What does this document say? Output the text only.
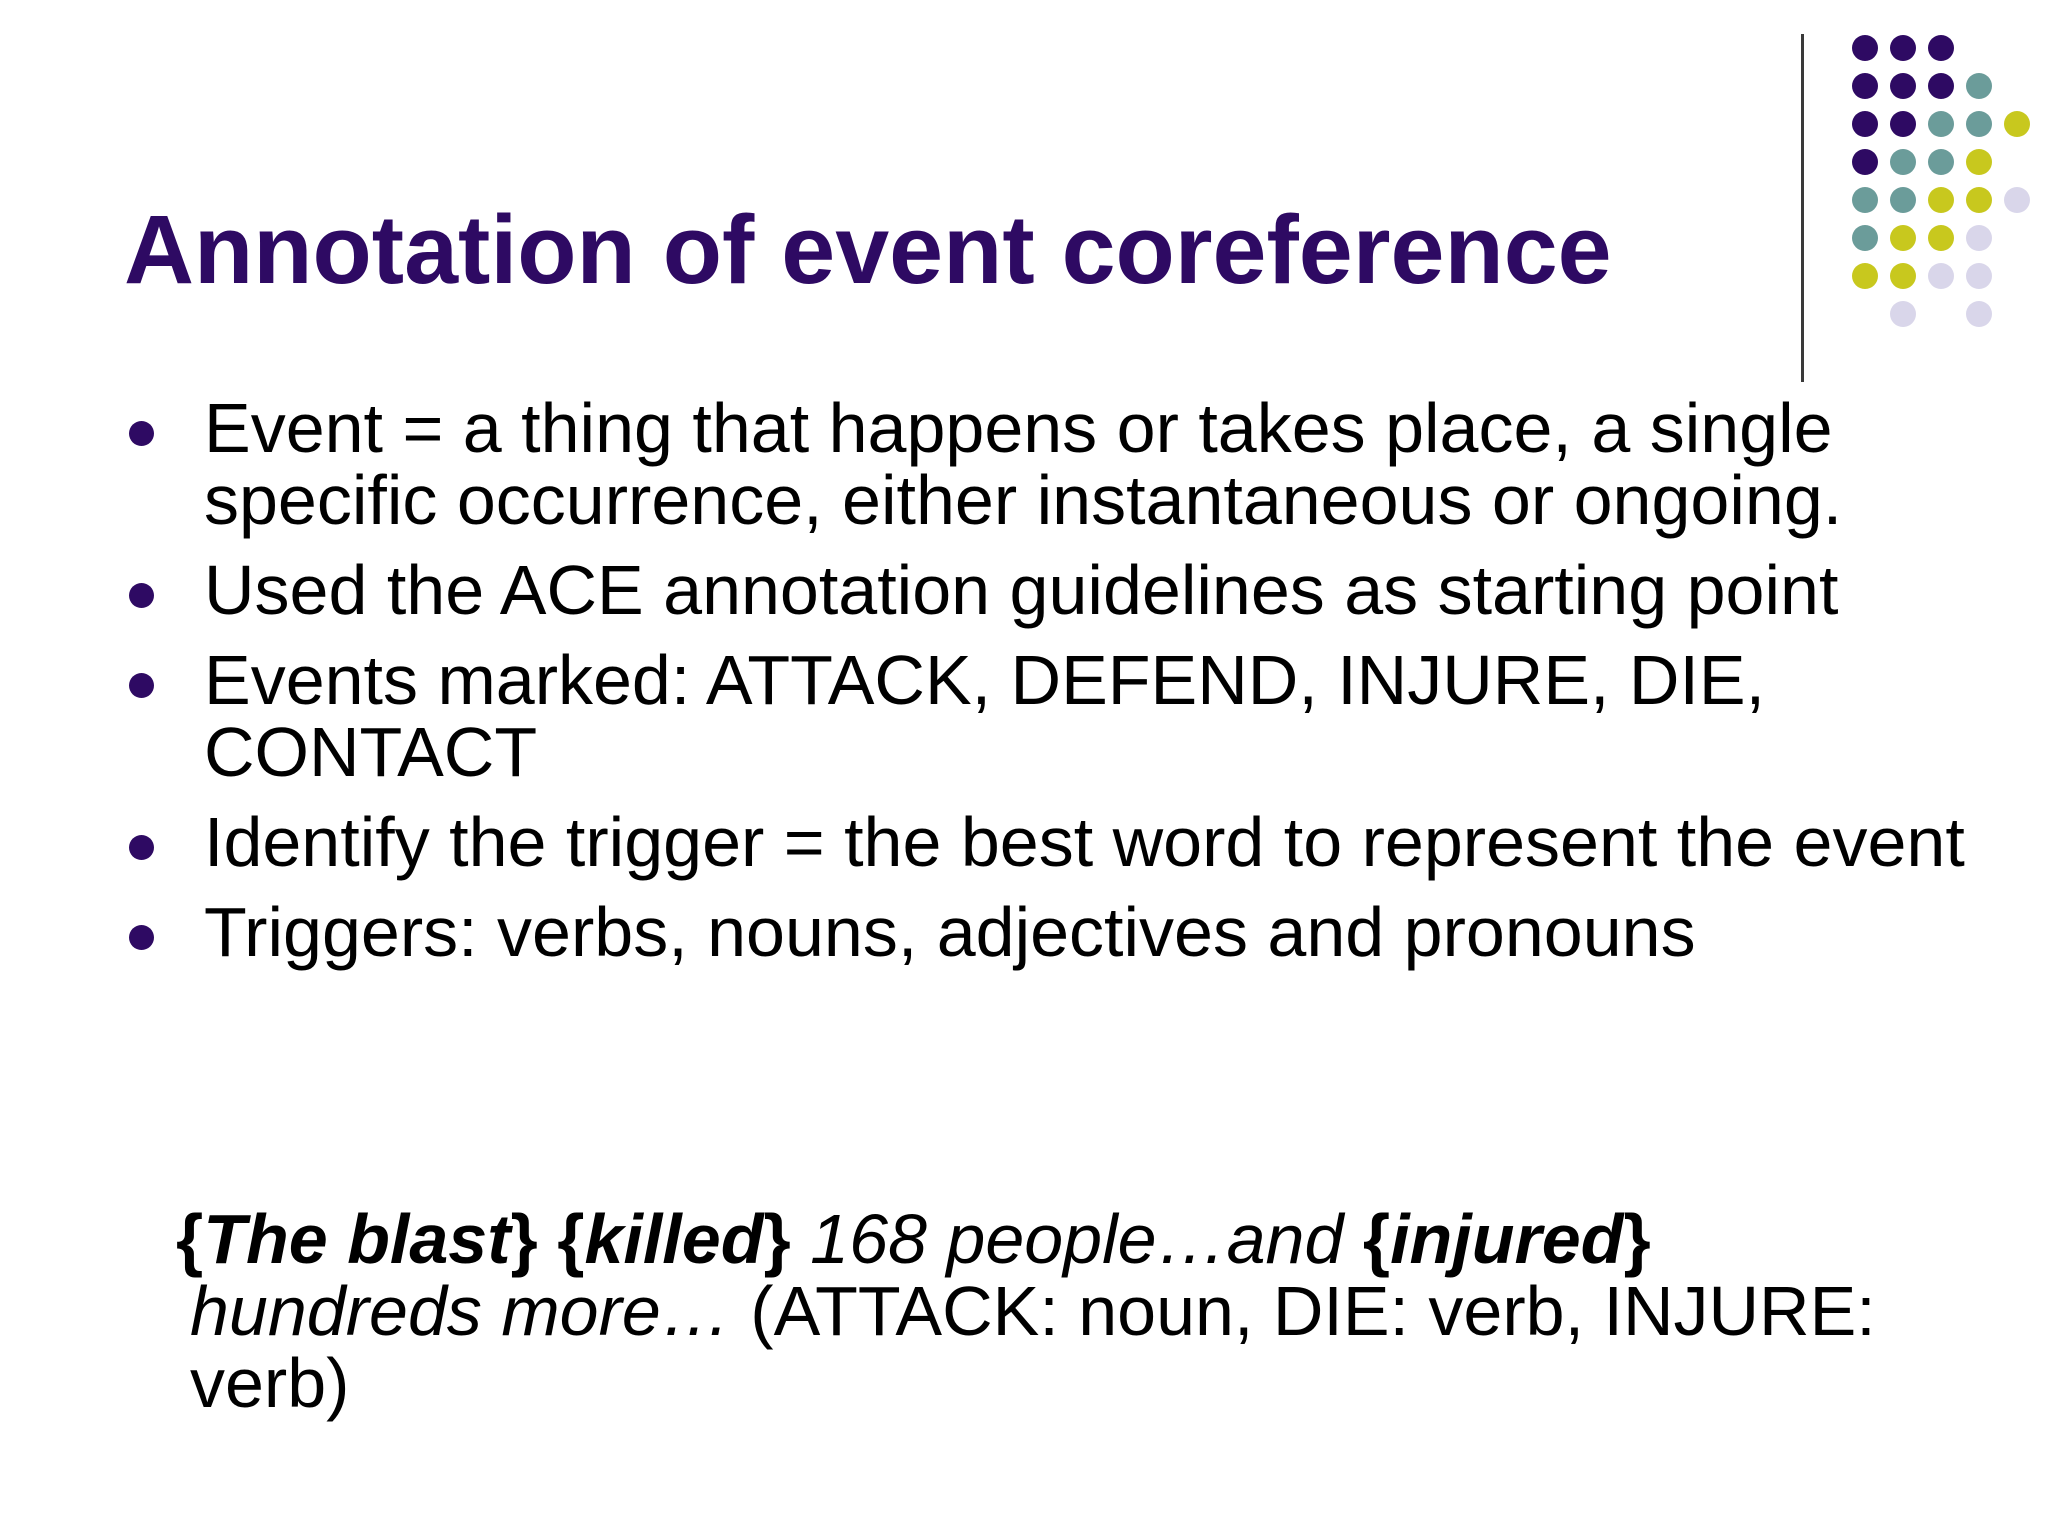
Annotation of event coreference
Event = a thing that happens or takes place, a single specific occurrence, either instantaneous or ongoing.
Used the ACE annotation guidelines as starting point
Events marked: ATTACK, DEFEND, INJURE, DIE, CONTACT
Identify the trigger = the best word to represent the event
Triggers: verbs, nouns, adjectives and pronouns
{The blast} {killed} 168 people…and {injured}
hundreds more… (ATTACK: noun, DIE: verb, INJURE: verb)
